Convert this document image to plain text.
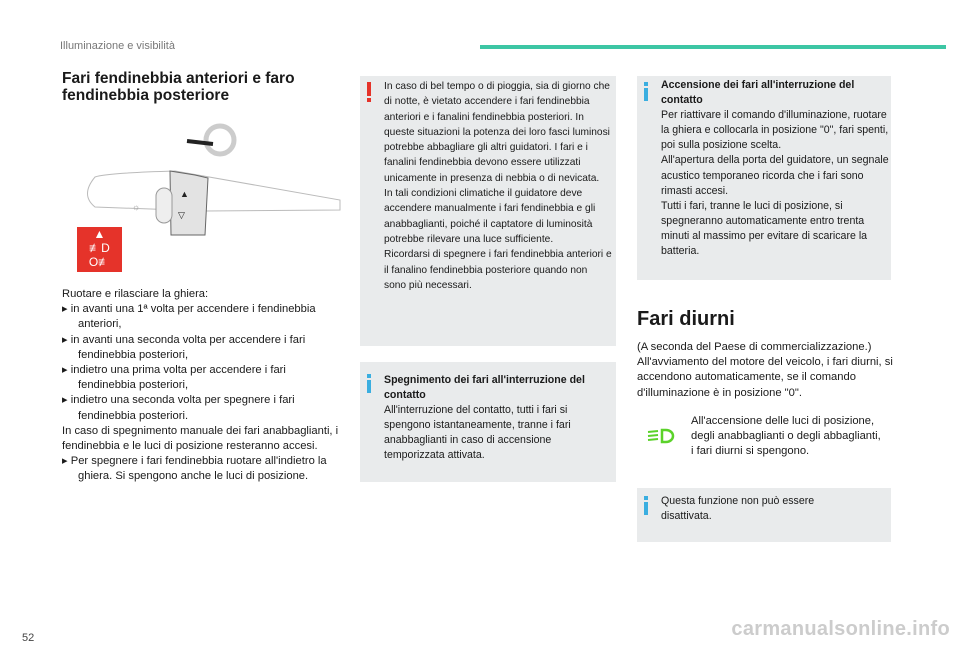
Illuminazione e visibilità
Fari fendinebbia anteriori e faro fendinebbia posteriore
▲
▽
☼
▲
≢D Ο≢
▽

Ruotare e rilasciare la ghiera:

▸ in avanti una 1ª volta per accendere i fendinebbia anteriori,

▸ in avanti una seconda volta per accendere i fari fendinebbia posteriori,

▸ indietro una prima volta per accendere i fari fendinebbia posteriori,

▸ indietro una seconda volta per spegnere i fari fendinebbia posteriori.

In caso di spegnimento manuale dei fari anabbaglianti, i fendinebbia e le luci di posizione resteranno accesi.

▸ Per spegnere i fari fendinebbia ruotare all'indietro la ghiera. Si spengono anche le luci di posizione.

In caso di bel tempo o di pioggia, sia di giorno che di notte, è vietato accendere i fari fendinebbia anteriori e i fanalini fendinebbia posteriori. In queste situazioni la potenza dei loro fasci luminosi potrebbe abbagliare gli altri guidatori. I fari e i fanalini fendinebbia devono essere utilizzati unicamente in presenza di nebbia o di nevicata.
In tali condizioni climatiche il guidatore deve accendere manualmente i fari fendinebbia e gli anabbaglianti, poiché il captatore di luminosità potrebbe rilevare una luce sufficiente.
Ricordarsi di spegnere i fari fendinebbia anteriori e il fanalino fendinebbia posteriore quando non sono più necessari.
Spegnimento dei fari all'interruzione del contatto
All'interruzione del contatto, tutti i fari si spengono istantaneamente, tranne i fari anabbaglianti in caso di accensione temporizzata attivata.
Accensione dei fari all'interruzione del contatto
Per riattivare il comando d'illuminazione, ruotare la ghiera e collocarla in posizione "0", fari spenti, poi sulla posizione scelta.
All'apertura della porta del guidatore, un segnale acustico temporaneo ricorda che i fari sono rimasti accesi.
Tutti i fari, tranne le luci di posizione, si spegneranno automaticamente entro trenta minuti al massimo per evitare di scaricare la batteria.
Fari diurni
(A seconda del Paese di commercializzazione.) All'avviamento del motore del veicolo, i fari diurni, si accendono automaticamente, se il comando d'illuminazione è in posizione "0".
All'accensione delle luci di posizione, degli anabbaglianti o degli abbaglianti, i fari diurni si spengono.
Questa funzione non può essere disattivata.
52	carmanualsonline.info
